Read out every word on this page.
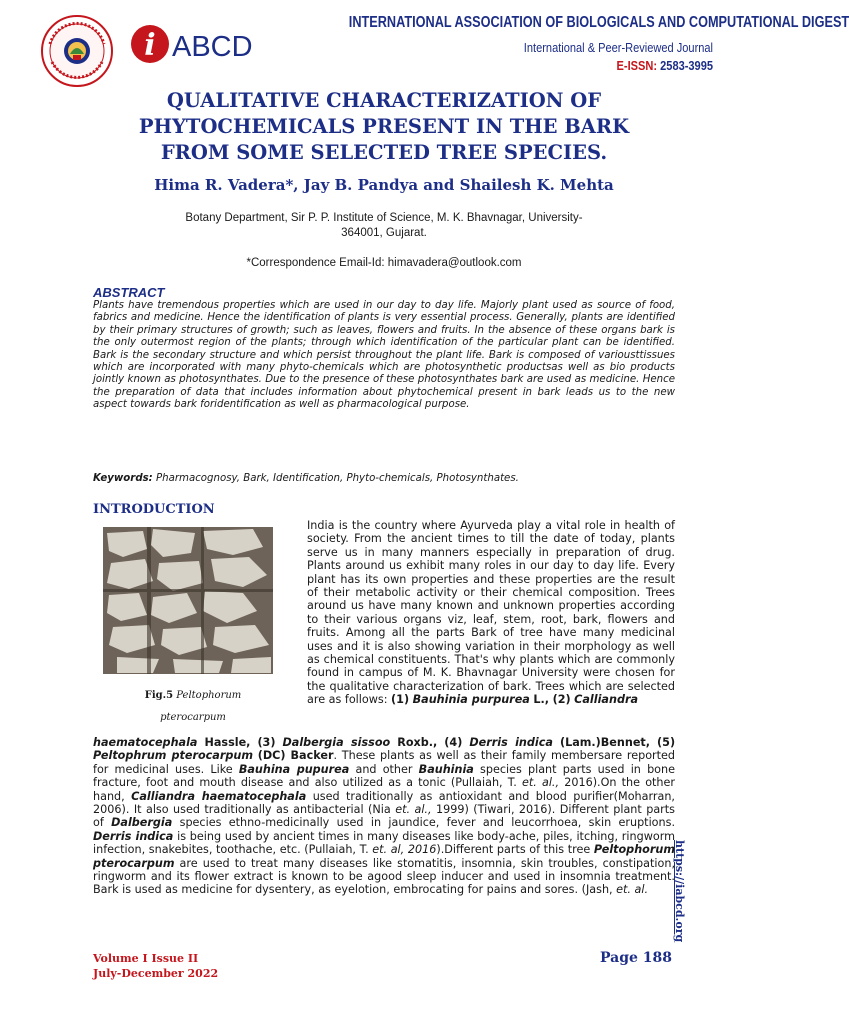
i ABCD
INTERNATIONAL ASSOCIATION OF BIOLOGICALS AND COMPUTATIONAL DIGEST
International & Peer-Reviewed Journal
E-ISSN: 2583-3995
QUALITATIVE CHARACTERIZATION OF
PHYTOCHEMICALS PRESENT IN THE BARK
FROM SOME SELECTED TREE SPECIES.
Hima R. Vadera*, Jay B. Pandya and Shailesh K. Mehta
Botany Department, Sir P. P. Institute of Science, M. K. Bhavnagar, University-
364001, Gujarat.
*Correspondence Email-Id: himavadera@outlook.com
ABSTRACT
Plants have tremendous properties which are used in our day to day life. Majorly plant used as source of food, fabrics and medicine. Hence the identification of plants is very essential process. Generally, plants are identified by their primary structures of growth; such as leaves, flowers and fruits. In the absence of these organs bark is the only outermost region of the plants; through which identification of the particular plant can be identified. Bark is the secondary structure and which persist throughout the plant life. Bark is composed of variousttissues which are incorporated with many phyto-chemicals which are photosynthetic productsas well as bio products jointly known as photosynthates. Due to the presence of these photosynthates bark are used as medicine. Hence the preparation of data that includes information about phytochemical present in bark leads us to the new aspect towards bark foridentification as well as pharmacological purpose.
Keywords: Pharmacognosy, Bark, Identification, Phyto-chemicals, Photosynthates.
INTRODUCTION
Fig.5 Peltophorum
pterocarpum
India is the country where Ayurveda play a vital role in health of society. From the ancient times to till the date of today, plants serve us in many manners especially in preparation of drug. Plants around us exhibit many roles in our day to day life. Every plant has its own properties and these properties are the result of their metabolic activity or their chemical composition. Trees around us have many known and unknown properties according to their various organs viz, leaf, stem, root, bark, flowers and fruits. Among all the parts Bark of tree have many medicinal uses and it is also showing variation in their morphology as well as chemical constituents. That's why plants which are commonly found in campus of M. K. Bhavnagar University were chosen for the qualitative characterization of bark. Trees which are selected are as follows: (1) Bauhinia purpurea L., (2) Calliandra
haematocephala Hassle, (3) Dalbergia sissoo Roxb., (4) Derris indica (Lam.)Bennet, (5) Peltophrum pterocarpum (DC) Backer. These plants as well as their family membersare reported for medicinal uses. Like Bauhina pupurea and other Bauhinia species plant parts used in bone fracture, foot and mouth disease and also utilized as a tonic (Pullaiah, T. et. al., 2016).On the other hand, Calliandra haematocephala used traditionally as antioxidant and blood purifier(Moharran, 2006). It also used traditionally as antibacterial (Nia et. al., 1999) (Tiwari, 2016). Different plant parts of Dalbergia species ethno-medicinally used in jaundice, fever and leucorrhoea, skin eruptions. Derris indica is being used by ancient times in many diseases like body-ache, piles, itching, ringworm infection, snakebites, toothache, etc. (Pullaiah, T. et. al, 2016).Different parts of this tree Peltophorum pterocarpum are used to treat many diseases like stomatitis, insomnia, skin troubles, constipation, ringworm and its flower extract is known to be agood sleep inducer and used in insomnia treatment. Bark is used as medicine for dysentery, as eyelotion, embrocating for pains and sores. (Jash, et. al.	https://iabcd.org
Volume I Issue II
July-December 2022
Page 188
